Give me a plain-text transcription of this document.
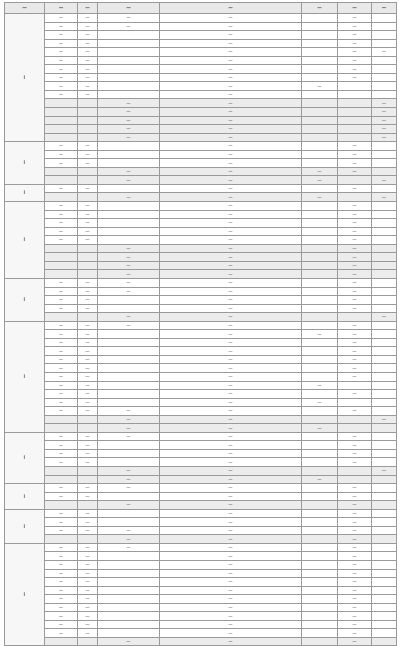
—	—	—	—	—	—	—	—
—	—	—	—	—		—	
	—	—	—	—		—	
	—	—		—		—	
	—	—		—		—	
	—	—		—		—	—
	—	—		—		—	
	—	—		—		—	
	—	—		—		—	
	—	—		—	—		
	—	—		—			
			—	—			—
			—	—			—
			—	—			—
			—	—			—
			—	—			—
—	—	—		—		—	
	—	—		—		—	
	—	—		—		—	
			—	—	—	—	
			—	—	—		—
—	—	—		—		—	
			—	—	—		—
—	—	—		—		—	
	—	—		—		—	
	—	—		—		—	
	—	—		—		—	
	—	—		—		—	
			—	—		—	
			—	—		—	
			—	—		—	
			—	—		—	
—	—	—	—	—		—	
	—	—	—	—		—	
	—	—		—		—	
	—	—		—		—	
			—	—			—
—	—	—	—	—		—	
	—	—		—	—	—	
	—	—		—		—	
	—	—		—		—	
	—	—		—		—	
	—	—		—		—	
	—	—		—		—	
	—	—		—	—		
	—	—		—		—	
	—	—		—	—		
	—	—	—	—		—	
			—	—			—
			—	—	—		
—	—	—	—	—		—	
	—	—		—		—	
	—	—		—		—	
	—	—		—		—	
			—	—			—
			—	—	—		
—	—	—	—	—		—	
	—	—		—		—	
			—	—		—	
—	—	—		—		—	
	—	—		—		—	
	—	—	—	—		—	
			—	—		—	
—	—	—	—	—		—	
	—	—		—		—	
	—	—		—		—	
	—	—		—		—	
	—	—		—		—	
	—	—		—		—	
	—	—		—		—	
	—	—		—		—	
	—	—		—		—	
	—	—		—		—	
	—	—		—		—	
			—	—		—	
